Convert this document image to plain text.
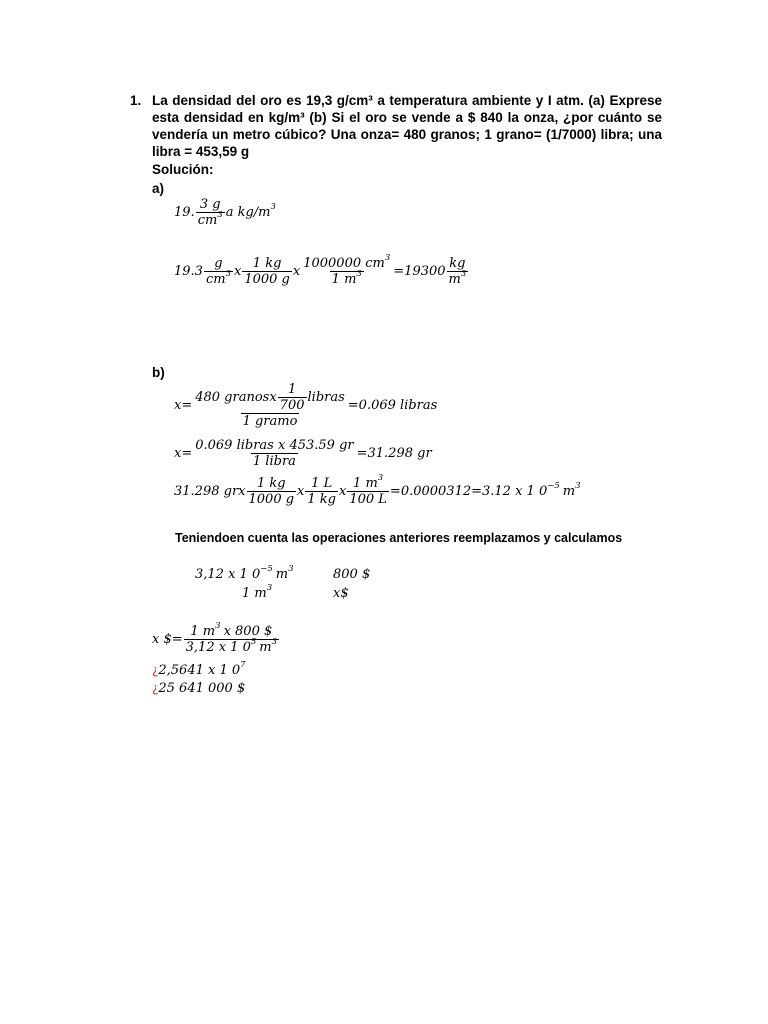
1. La densidad del oro es 19,3 g/cm³ a temperatura ambiente y I atm. (a) Exprese esta densidad en kg/m³ (b) Si el oro se vende a $ 840 la onza, ¿por cuánto se vendería un metro cúbico? Una onza= 480 granos; 1 grano= (1/7000) libra; una libra = 453,59 g
Solución:
a)
19. $\frac{3 g}{cm^3}$ a $kg/m^3$
$19.3 \frac{g}{cm^3}$ x $\frac{1 kg}{1000 g}$ x $\frac{1000000 cm^3}{1 m^3} =19300 \frac{kg}{m^3}$
b)
$x= \frac{480 granosx \frac{1}{700} libras}{\text{1 gramo}} =0.069$ libras
$x= \frac{\text{0.069 libras x 453.59 gr}}{\text{1 libra}} =31.298$ gr
31.298 grx $\frac{1 kg}{1000 g}$ x $\frac{1 L}{1 kg}$ x $\frac{1 m^3}{100 L} =0.0000312=3.12$ x 1 $0^{-5}$ $m^3$
Teniendoen cuenta las operaciones anteriores reemplazamos y calculamos
3,12 x 1 $0^{-5}$ $m^3$	800 $
1 $m^3$	x$
x $= $\frac{1 m^3 x 800 \$}{3,12 x 1 0^5 m^3}$
¿2,5641 x 1 $0^7$
¿25 641 000 $
